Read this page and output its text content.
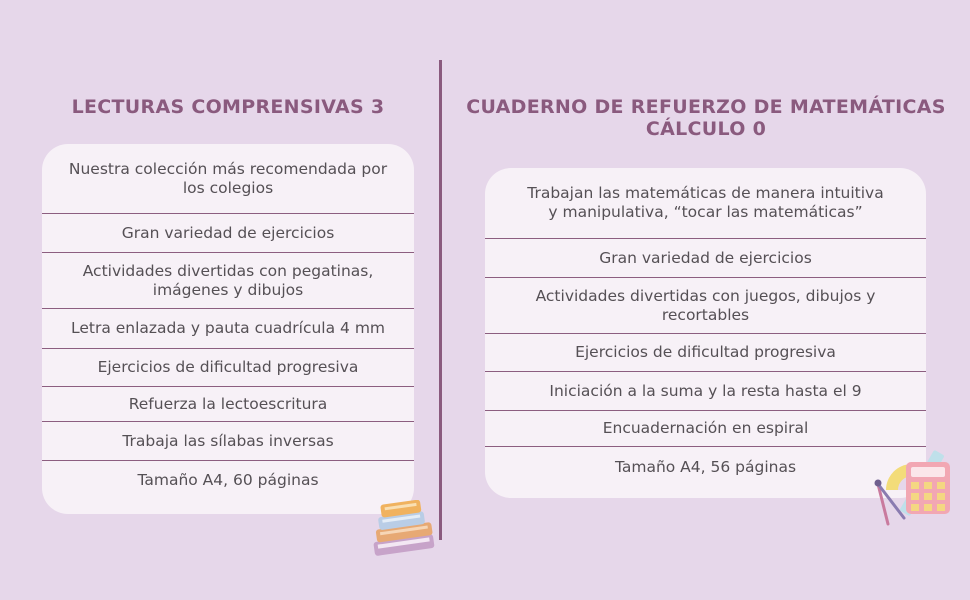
LECTURAS COMPRENSIVAS 3
Nuestra colección más recomendada por los colegios
Gran variedad de ejercicios
Actividades divertidas con pegatinas, imágenes y dibujos
Letra enlazada y pauta cuadrícula 4 mm
Ejercicios de dificultad progresiva
Refuerza la lectoescritura
Trabaja las sílabas inversas
Tamaño A4, 60 páginas
CUADERNO DE REFUERZO DE MATEMÁTICAS
CÁLCULO 0
Trabajan las matemáticas de manera intuitiva y manipulativa, “tocar las matemáticas”
Gran variedad de ejercicios
Actividades divertidas con juegos, dibujos y recortables
Ejercicios de dificultad progresiva
Iniciación a la suma y la resta hasta el 9
Encuadernación en espiral
Tamaño A4, 56 páginas
